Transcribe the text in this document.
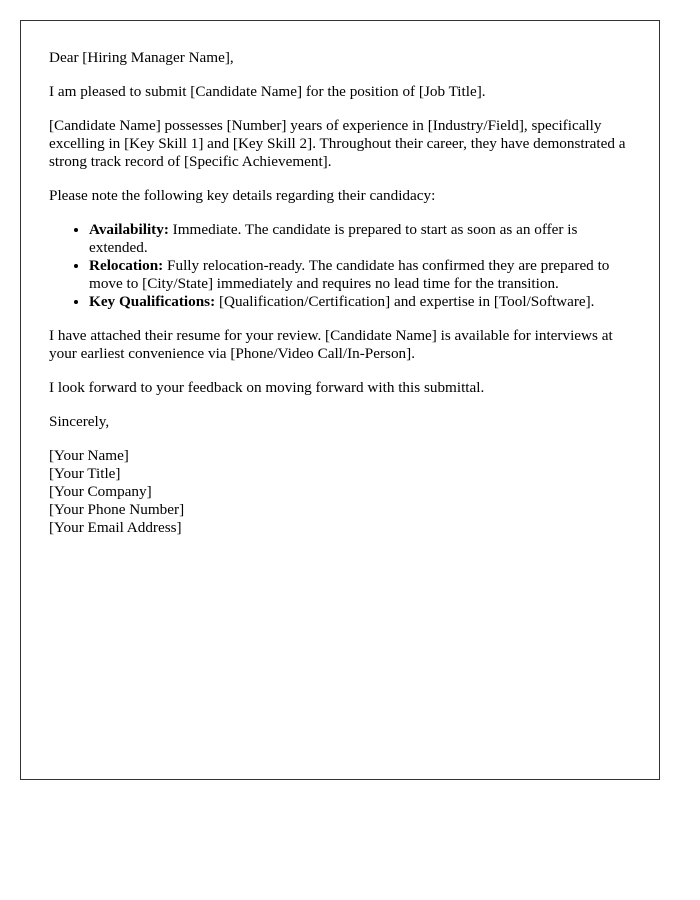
Dear [Hiring Manager Name],

I am pleased to submit [Candidate Name] for the position of [Job Title].

[Candidate Name] possesses [Number] years of experience in [Industry/Field], specifically excelling in [Key Skill 1] and [Key Skill 2]. Throughout their career, they have demonstrated a strong track record of [Specific Achievement].

Please note the following key details regarding their candidacy:

• Availability: Immediate. The candidate is prepared to start as soon as an offer is extended.
• Relocation: Fully relocation-ready. The candidate has confirmed they are prepared to move to [City/State] immediately and requires no lead time for the transition.
• Key Qualifications: [Qualification/Certification] and expertise in [Tool/Software].

I have attached their resume for your review. [Candidate Name] is available for interviews at your earliest convenience via [Phone/Video Call/In-Person].

I look forward to your feedback on moving forward with this submittal.

Sincerely,

[Your Name]
[Your Title]
[Your Company]
[Your Phone Number]
[Your Email Address]
